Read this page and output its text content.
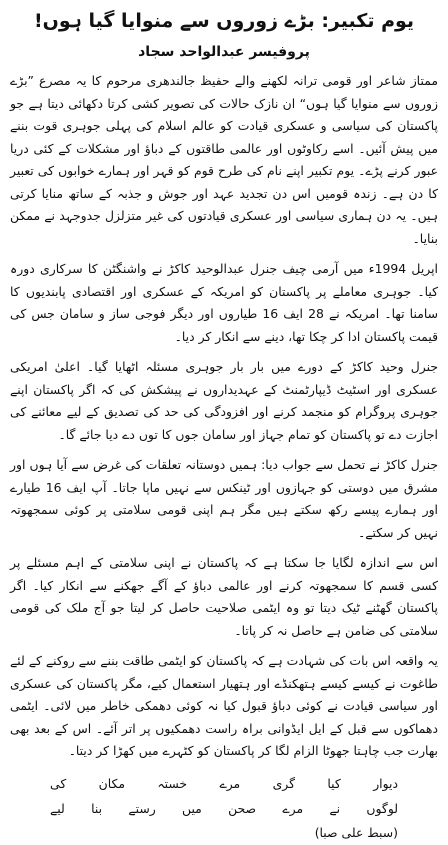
یوم تکبیر: بڑے زوروں سے منوایا گیا ہوں!
پروفیسر عبدالواحد سجاد

ممتاز شاعر اور قومی ترانہ لکھنے والے حفیظ جالندھری مرحوم کا یہ مصرع ”بڑے زوروں سے منوایا گیا ہوں“ ان نازک حالات کی تصویر کشی کرتا دکھائی دیتا ہے جو پاکستان کی سیاسی و عسکری قیادت کو عالم اسلام کی پہلی جوہری قوت بننے میں پیش آئیں۔ اسے رکاوٹوں اور عالمی طاقتوں کے دباؤ اور مشکلات کے کئی دریا عبور کرنے پڑے۔ یوم تکبیر اپنے نام کی طرح قوم کو قہر اور ہمارے خوابوں کی تعبیر کا دن ہے۔ زندہ قومیں اس دن تجدید عہد اور جوش و جذبہ کے ساتھ منایا کرتی ہیں۔ یہ دن ہماری سیاسی اور عسکری قیادتوں کی غیر متزلزل جدوجہد نے ممکن بنایا۔

اپریل 1994ء میں آرمی چیف جنرل عبدالوحید کاکڑ نے واشنگٹن کا سرکاری دورہ کیا۔ جوہری معاملے پر پاکستان کو امریکہ کے عسکری اور اقتصادی پابندیوں کا سامنا تھا۔ امریکہ نے 28 ایف 16 طیاروں اور دیگر فوجی ساز و سامان جس کی قیمت پاکستان ادا کر چکا تھا، دینے سے انکار کر دیا۔

جنرل وحید کاکڑ کے دورے میں بار بار جوہری مسئلہ اٹھایا گیا۔ اعلیٰ امریکی عسکری اور اسٹیٹ ڈیپارٹمنٹ کے عہدیداروں نے پیشکش کی کہ اگر پاکستان اپنے جوہری پروگرام کو منجمد کرنے اور افزودگی کی حد کی تصدیق کے لیے معائنے کی اجازت دے تو پاکستان کو تمام جہاز اور سامان جوں کا توں دے دیا جائے گا۔

جنرل کاکڑ نے تحمل سے جواب دیا: ہمیں دوستانہ تعلقات کی غرض سے آیا ہوں اور مشرق میں دوستی کو جہازوں اور ٹینکس سے نہیں ماپا جاتا۔ آپ ایف 16 طیارے اور ہمارے پیسے رکھ سکتے ہیں مگر ہم اپنی قومی سلامتی پر کوئی سمجھوتہ نہیں کر سکتے۔

اس سے اندازہ لگایا جا سکتا ہے کہ پاکستان نے اپنی سلامتی کے اہم مسئلے پر کسی قسم کا سمجھوتہ کرنے اور عالمی دباؤ کے آگے جھکنے سے انکار کیا۔ اگر پاکستان گھٹنے ٹیک دیتا تو وہ ایٹمی صلاحیت حاصل کر لیتا جو آج ملک کی قومی سلامتی کی ضامن ہے حاصل نہ کر پاتا۔

یہ واقعہ اس بات کی شہادت ہے کہ پاکستان کو ایٹمی طاقت بننے سے روکنے کے لئے طاغوت نے کیسے کیسے ہتھکنڈے اور ہتھیار استعمال کیے، مگر پاکستان کی عسکری اور سیاسی قیادت نے کوئی دباؤ قبول کیا نہ کوئی دھمکی خاطر میں لائی۔ ایٹمی دھماکوں سے قبل کے ایل ایڈوانی براہ راست دھمکیوں پر اتر آئے۔ اس کے بعد بھی بھارت جب چاہتا جھوٹا الزام لگا کر پاکستان کو کٹہرے میں کھڑا کر دیتا۔

دیوار کیا گری مرے خستہ مکان کی
لوگوں نے مرے صحن میں رستے بنا لیے
(سبط علی صبا)
